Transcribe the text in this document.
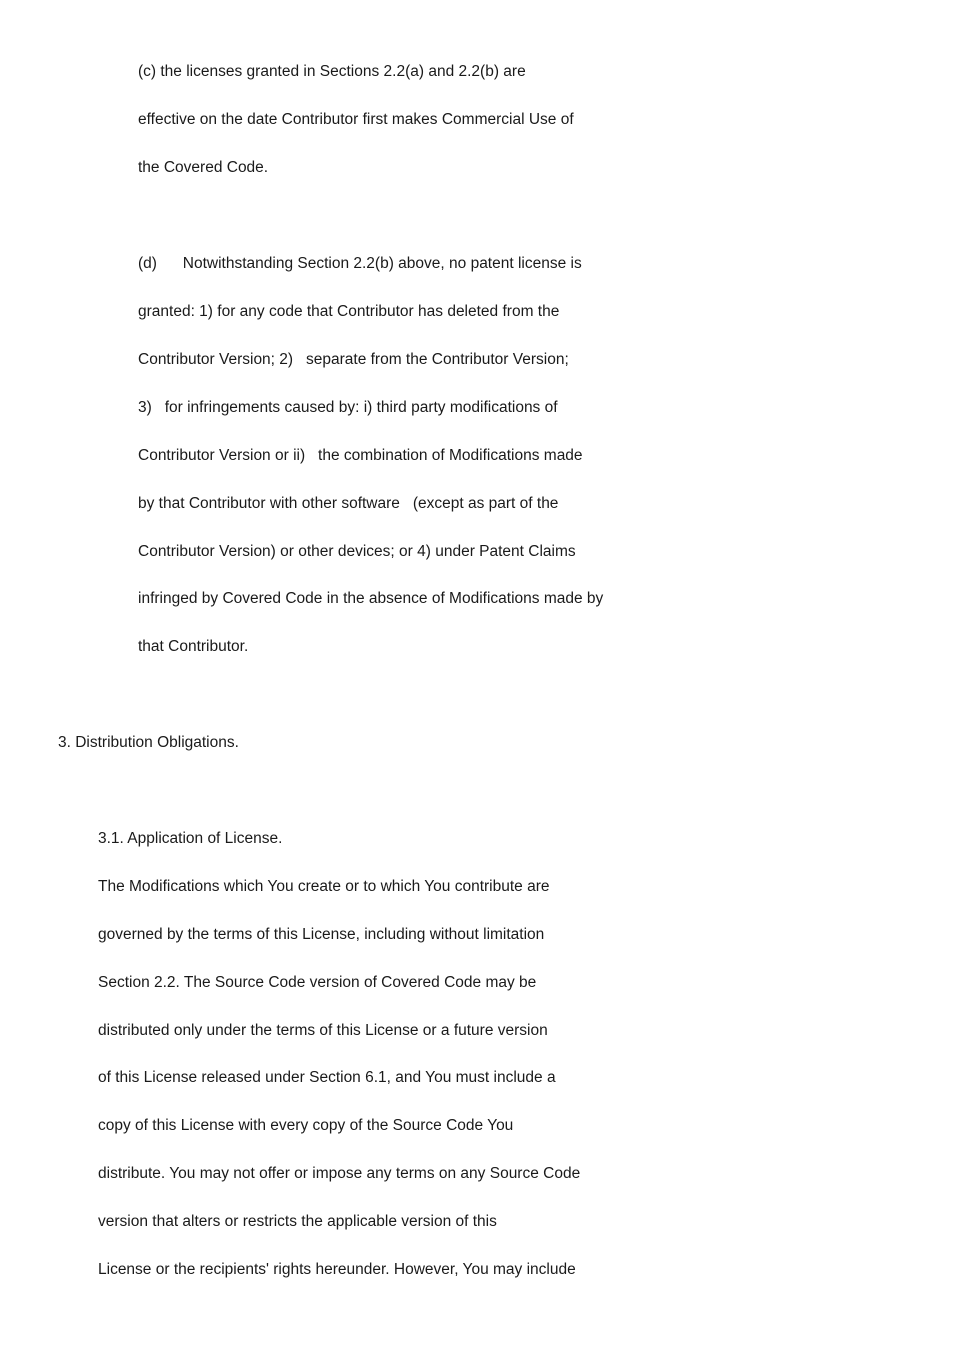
(c) the licenses granted in Sections 2.2(a) and 2.2(b) are

effective on the date Contributor first makes Commercial Use of

the Covered Code.

(d)      Notwithstanding Section 2.2(b) above, no patent license is

granted: 1) for any code that Contributor has deleted from the

Contributor Version; 2)   separate from the Contributor Version;

3)   for infringements caused by: i) third party modifications of

Contributor Version or ii)   the combination of Modifications made

by that Contributor with other software   (except as part of the

Contributor Version) or other devices; or 4) under Patent Claims

infringed by Covered Code in the absence of Modifications made by

that Contributor.

3. Distribution Obligations.

3.1. Application of License.

The Modifications which You create or to which You contribute are

governed by the terms of this License, including without limitation

Section 2.2. The Source Code version of Covered Code may be

distributed only under the terms of this License or a future version

of this License released under Section 6.1, and You must include a

copy of this License with every copy of the Source Code You

distribute. You may not offer or impose any terms on any Source Code

version that alters or restricts the applicable version of this

License or the recipients' rights hereunder. However, You may include
